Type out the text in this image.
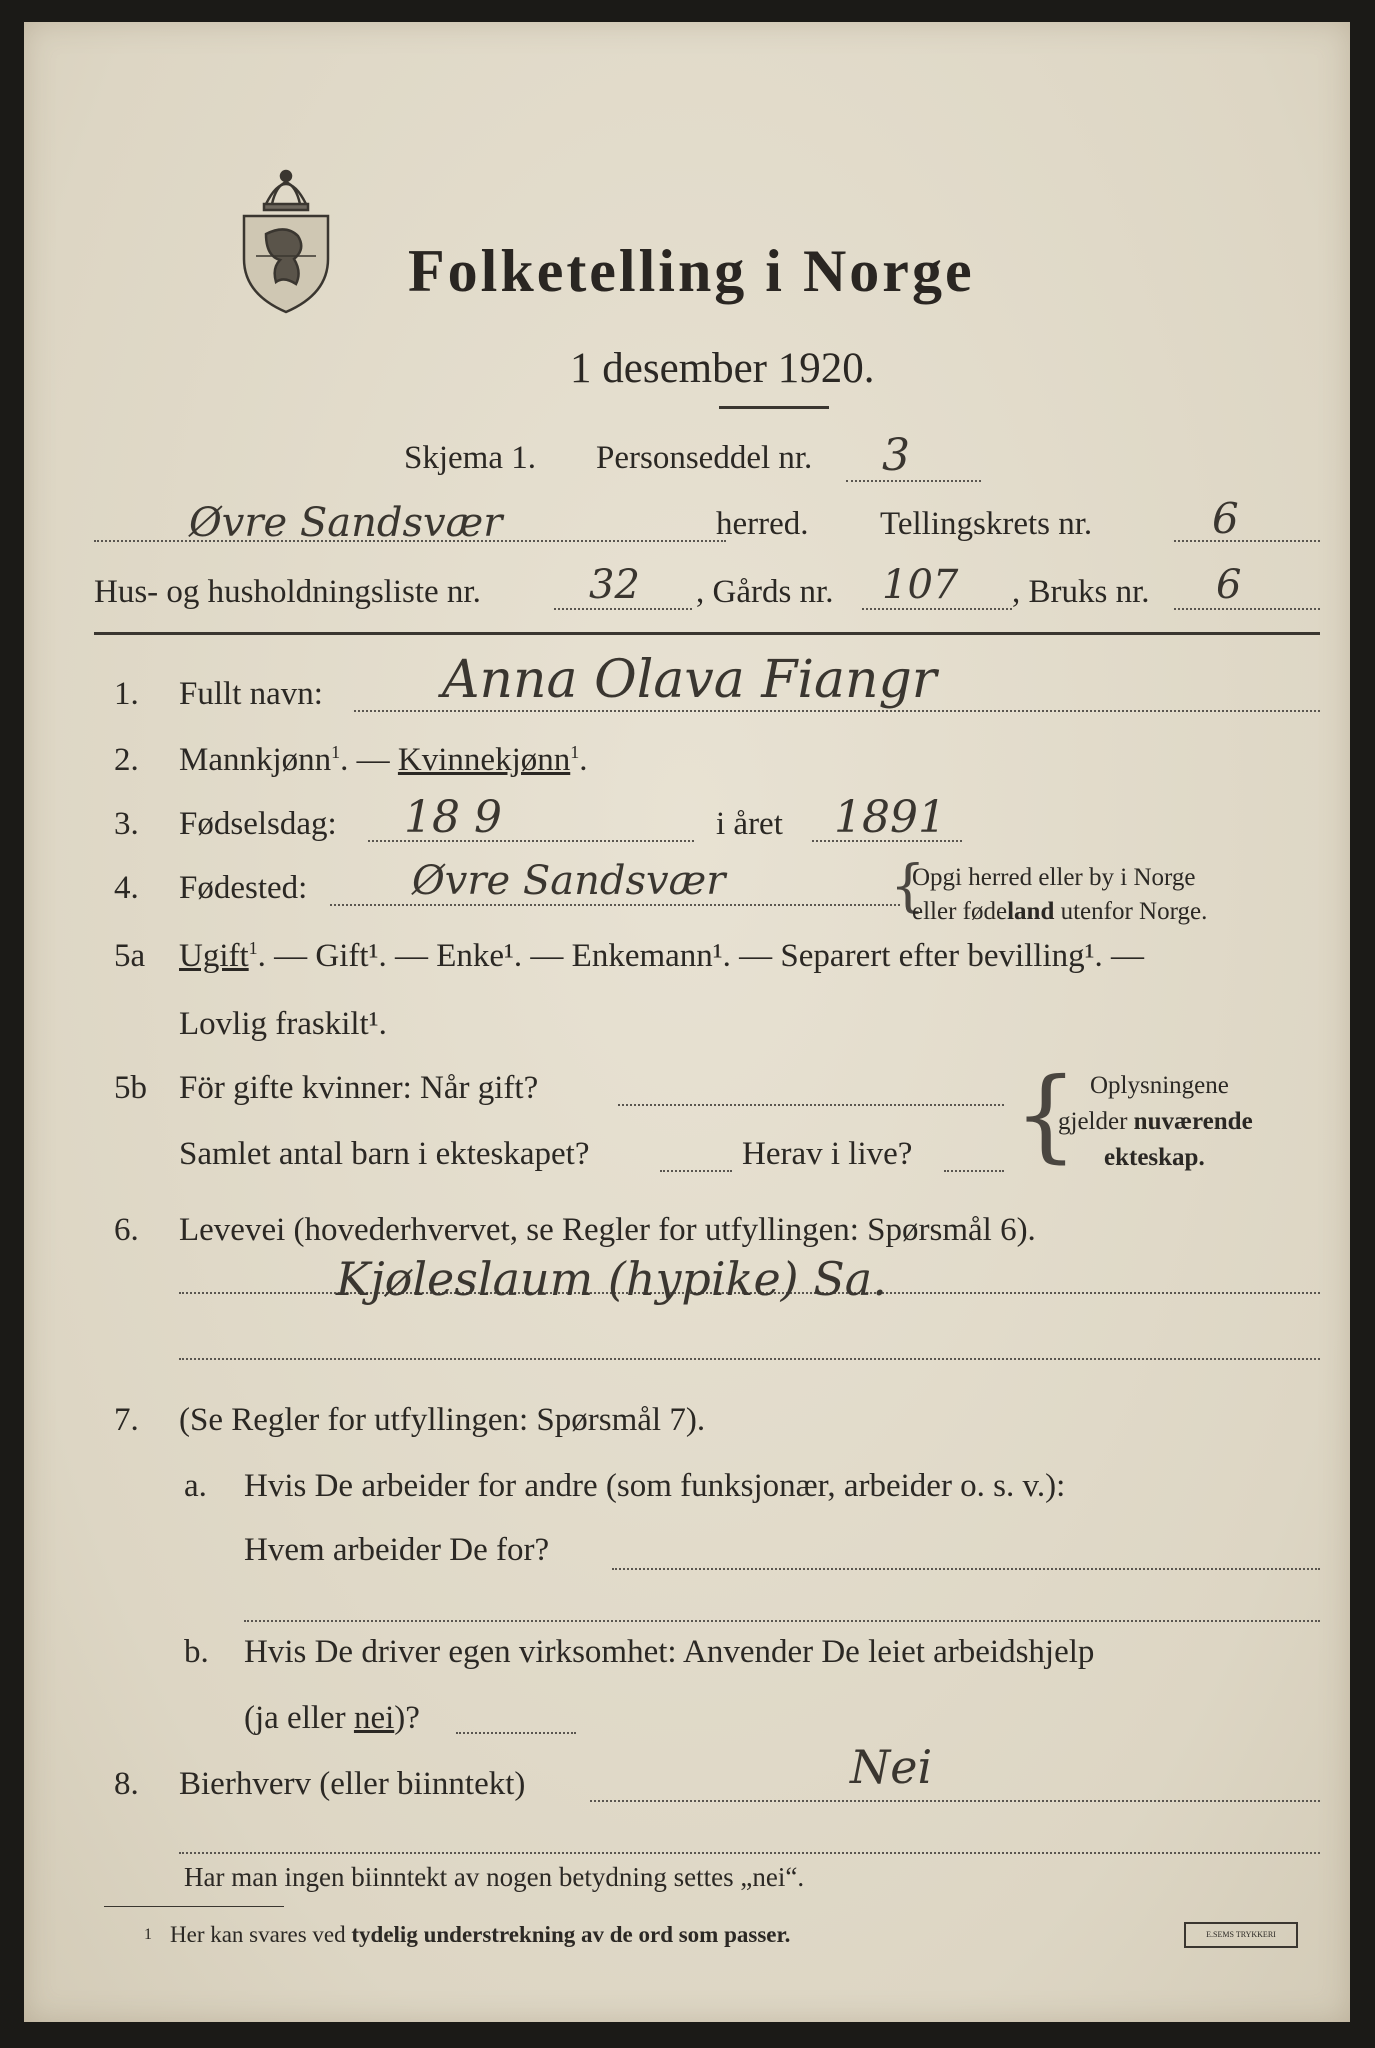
Folketelling i Norge
1 desember 1920.
Skjema 1. Personseddel nr. 3
Øvre Sandsvær	herred. Tellingskrets nr.	6
Hus- og husholdningsliste nr.	32 , Gårds nr. 107 , Bruks nr. 6
1. Fullt navn: Anna Olava Fiangr
2. Mannkjønn$^1$. — Kvinnekjønn$^1$.
3. Fødselsdag: 18 9	i året 1891
4. Fødested:	Øvre Sandsvær	{
Opgi herred eller by i Norge
eller fødeland utenfor Norge.
5a Ugift$^1$. — Gift¹. — Enke¹. — Enkemann¹. — Separert efter bevilling¹. —
Lovlig fraskilt¹.
5b För gifte kvinner: Når gift?
Samlet antal barn i ekteskapet?	Herav i live? { Oplysningene
gjelder nuværende
ekteskap.
6. Levevei (hovederhvervet, se Regler for utfyllingen: Spørsmål 6).
Kjøleslaum (hypike) Sa.
7. (Se Regler for utfyllingen: Spørsmål 7).
a. Hvis De arbeider for andre (som funksjonær, arbeider o. s. v.):
Hvem arbeider De for?
b. Hvis De driver egen virksomhet: Anvender De leiet arbeidshjelp
(ja eller nei)?
8. Bierhverv (eller biinntekt)	Nei
Har man ingen biinntekt av nogen betydning settes „nei“.
1 Her kan svares ved tydelig understrekning av de ord som passer.	E.SEMS TRYKKERI
